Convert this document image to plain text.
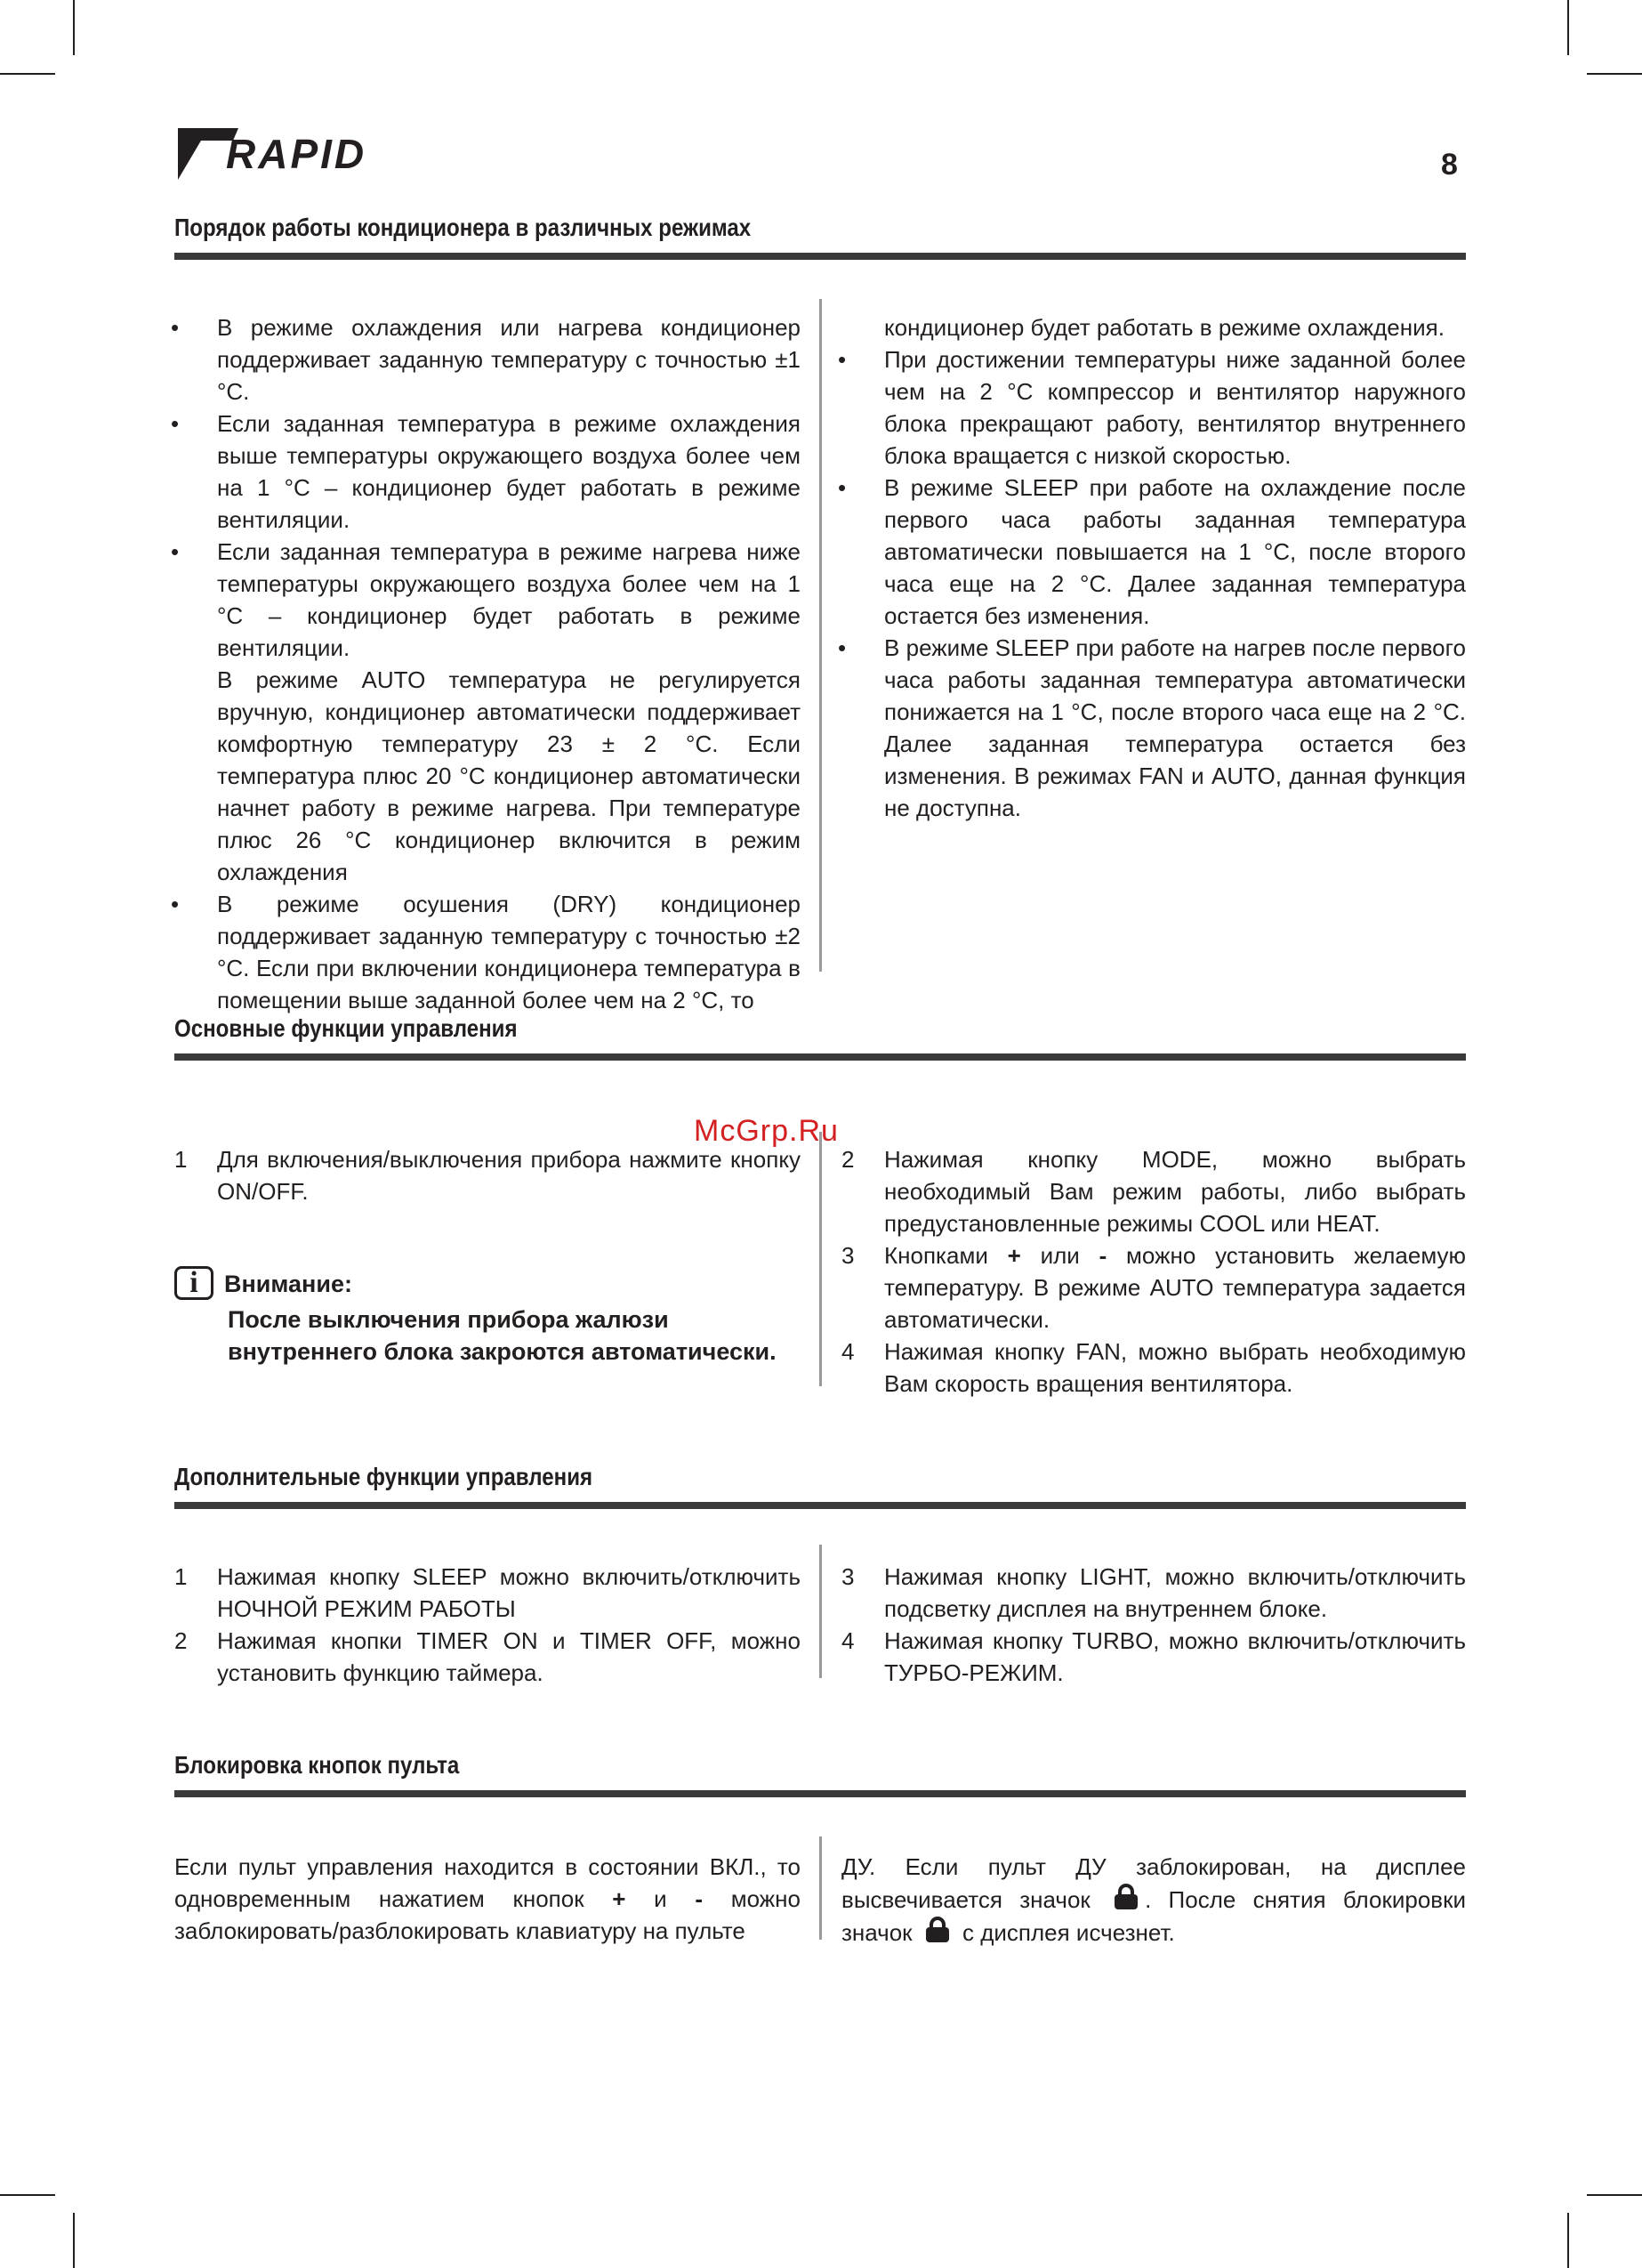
RAPID	8
Порядок работы кондиционера в различных режимах
•	В режиме охлаждения или нагрева кондиционер поддерживает заданную температуру с точностью ±1 °С.
•	Если заданная температура в режиме охлаждения выше температуры окружающего воздуха более чем на 1 °С – кондиционер будет работать в режиме вентиляции.
•	Если заданная температура в режиме нагрева ниже температуры окружающего воздуха более чем на 1 °С – кондиционер будет работать в режиме вентиляции.
В режиме AUTO температура не регулируется вручную, кондиционер автоматически поддерживает комфортную температуру 23 ± 2 °С. Если температура плюс 20 °С кондиционер автоматически начнет работу в режиме нагрева. При температуре плюс 26 °С кондиционер включится в режим охлаждения
•	В режиме осушения (DRY) кондиционер поддерживает заданную температуру с точностью ±2 °С. Если при включении кондиционера температура в помещении выше заданной более чем на 2 °С, то
кондиционер будет работать в режиме охлаждения.
•	При достижении температуры ниже заданной более чем на 2 °С компрессор и вентилятор наружного блока прекращают работу, вентилятор внутреннего блока вращается с низкой скоростью.
•	В режиме SLEEP при работе на охлаждение после первого часа работы заданная температура автоматически повышается на 1 °С, после второго часа еще на 2 °С. Далее заданная температура остается без изменения.
•	В режиме SLEEP при работе на нагрев после первого часа работы заданная температура автоматически понижается на 1 °С, после второго часа еще на 2 °С. Далее заданная температура остается без изменения. В режимах FAN и AUTO, данная функция не доступна.
Основные функции управления
1	Для включения/выключения прибора нажмите кнопку ON/OFF.
i	Внимание:
После выключения прибора жалюзи внутреннего блока закроются автоматически.
McGrp.Ru
2	Нажимая кнопку MODE, можно выбрать необходимый Вам режим работы, либо выбрать предустановленные режимы COOL или HEAT.
3	Кнопками + или - можно установить желаемую температуру. В режиме AUTO температура задается автоматически.
4	Нажимая кнопку FAN, можно выбрать необходимую Вам скорость вращения вентилятора.
Дополнительные функции управления
1	Нажимая кнопку SLEEP можно включить/отключить НОЧНОЙ РЕЖИМ РАБОТЫ
2	Нажимая кнопки TIMER ON и TIMER OFF, можно установить функцию таймера.
3	Нажимая кнопку LIGHT, можно включить/отключить подсветку дисплея на внутреннем блоке.
4	Нажимая кнопку TURBO, можно включить/отключить ТУРБО-РЕЖИМ.
Блокировка кнопок пульта
Если пульт управления находится в состоянии ВКЛ., то одновременным нажатием кнопок + и - можно заблокировать/разблокировать клавиатуру на пульте
ДУ. Если пульт ДУ заблокирован, на дисплее высвечивается значок . После снятия блокировки значок  с дисплея исчезнет.
